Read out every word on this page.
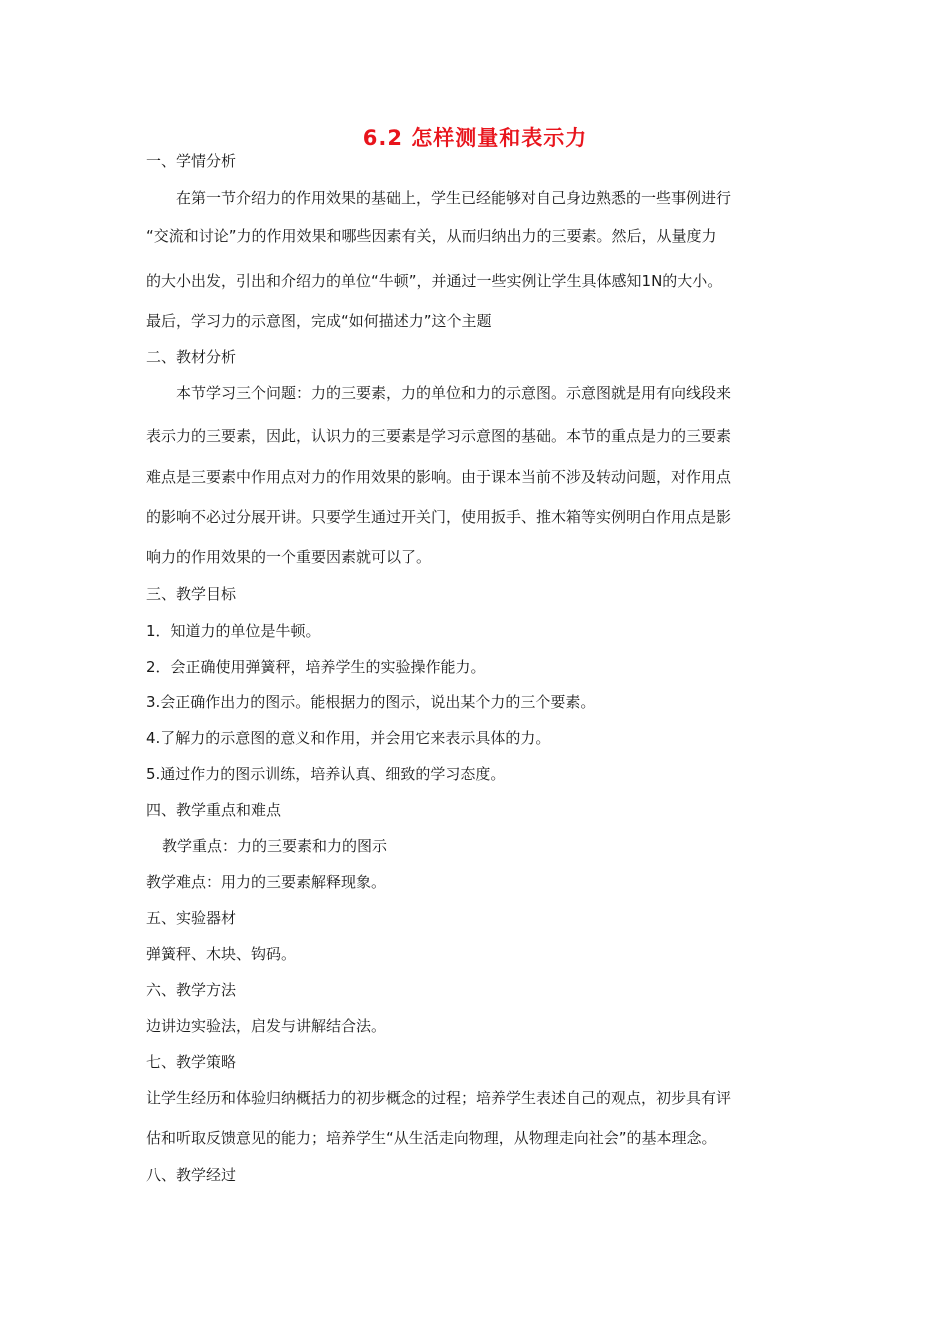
6.2 怎样测量和表示力
一、学情分析
在第一节介绍力的作用效果的基础上，学生已经能够对自己身边熟悉的一些事例进行
“交流和讨论”力的作用效果和哪些因素有关，从而归纳出力的三要素。然后，从量度力
的大小出发，引出和介绍力的单位“牛顿”，并通过一些实例让学生具体感知1N的大小。
最后，学习力的示意图，完成“如何描述力”这个主题
二、教材分析
本节学习三个问题：力的三要素，力的单位和力的示意图。示意图就是用有向线段来
表示力的三要素，因此，认识力的三要素是学习示意图的基础。本节的重点是力的三要素
难点是三要素中作用点对力的作用效果的影响。由于课本当前不涉及转动问题，对作用点
的影响不必过分展开讲。只要学生通过开关门，使用扳手、推木箱等实例明白作用点是影
响力的作用效果的一个重要因素就可以了。
三、教学目标
1．知道力的单位是牛顿。
2．会正确使用弹簧秤，培养学生的实验操作能力。
3.会正确作出力的图示。能根据力的图示，说出某个力的三个要素。
4.了解力的示意图的意义和作用，并会用它来表示具体的力。
5.通过作力的图示训练，培养认真、细致的学习态度。
四、教学重点和难点
教学重点：力的三要素和力的图示
教学难点：用力的三要素解释现象。
五、实验器材
弹簧秤、木块、钩码。
六、教学方法
边讲边实验法，启发与讲解结合法。
七、教学策略
让学生经历和体验归纳概括力的初步概念的过程；培养学生表述自己的观点，初步具有评
估和听取反馈意见的能力；培养学生“从生活走向物理，从物理走向社会”的基本理念。
八、教学经过
